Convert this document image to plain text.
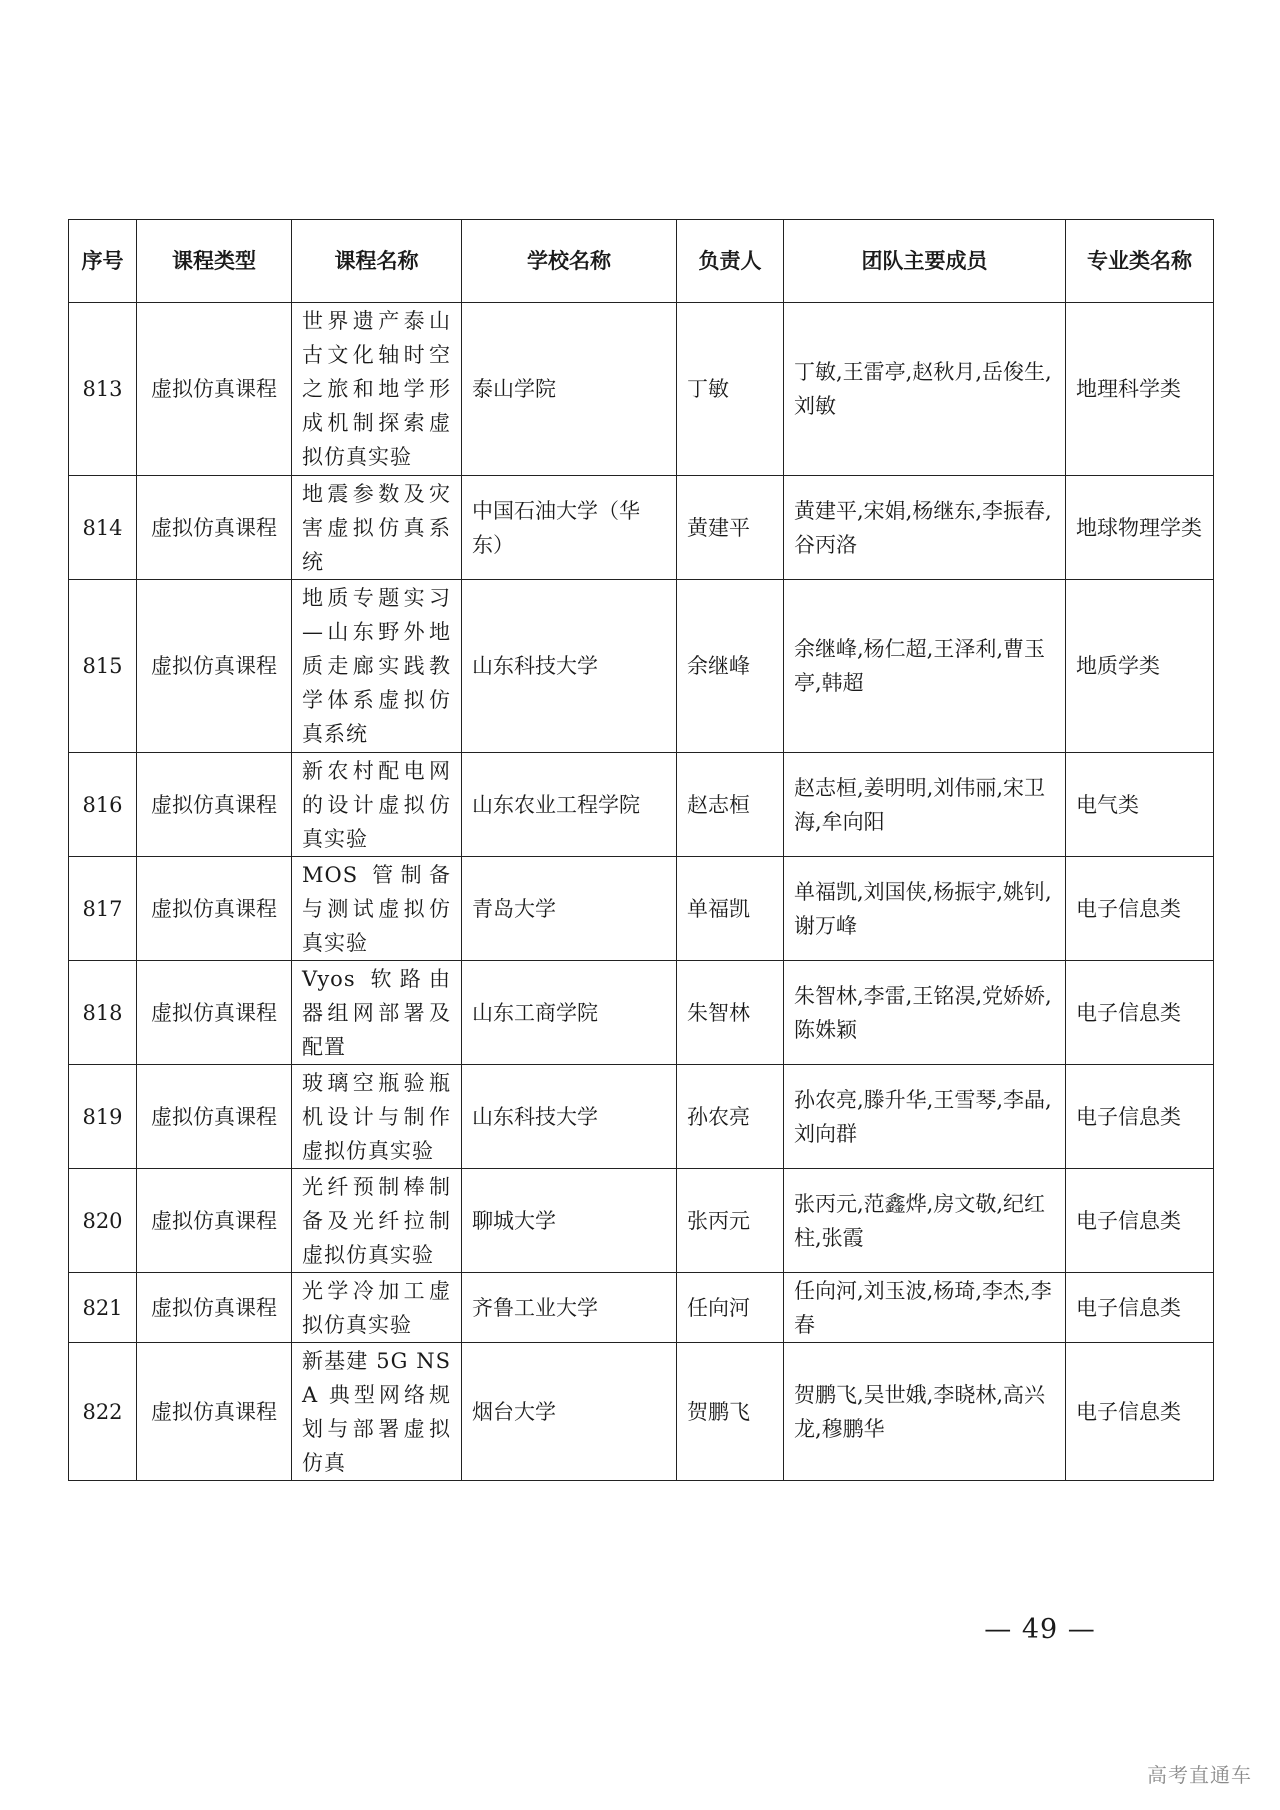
序号	课程类型	课程名称	学校名称	负责人	团队主要成员	专业类名称
813	虚拟仿真课程	世界遗产泰山古文化轴时空之旅和地学形成机制探索虚拟仿真实验	泰山学院	丁敏	丁敏,王雷亭,赵秋月,岳俊生,刘敏	地理科学类
814	虚拟仿真课程	地震参数及灾害虚拟仿真系统	中国石油大学（华东）	黄建平	黄建平,宋娟,杨继东,李振春,谷丙洛	地球物理学类
815	虚拟仿真课程	地质专题实习—山东野外地质走廊实践教学体系虚拟仿真系统	山东科技大学	余继峰	余继峰,杨仁超,王泽利,曹玉亭,韩超	地质学类
816	虚拟仿真课程	新农村配电网的设计虚拟仿真实验	山东农业工程学院	赵志桓	赵志桓,姜明明,刘伟丽,宋卫海,牟向阳	电气类
817	虚拟仿真课程	MOS 管制备与测试虚拟仿真实验	青岛大学	单福凯	单福凯,刘国侠,杨振宇,姚钊,谢万峰	电子信息类
818	虚拟仿真课程	Vyos 软路由器组网部署及配置	山东工商学院	朱智林	朱智林,李雷,王铭淏,党娇娇,陈姝颖	电子信息类
819	虚拟仿真课程	玻璃空瓶验瓶机设计与制作虚拟仿真实验	山东科技大学	孙农亮	孙农亮,滕升华,王雪琴,李晶,刘向群	电子信息类
820	虚拟仿真课程	光纤预制棒制备及光纤拉制虚拟仿真实验	聊城大学	张丙元	张丙元,范鑫烨,房文敬,纪红柱,张霞	电子信息类
821	虚拟仿真课程	光学冷加工虚拟仿真实验	齐鲁工业大学	任向河	任向河,刘玉波,杨琦,李杰,李春	电子信息类
822	虚拟仿真课程	新基建 5G NSA 典型网络规划与部署虚拟仿真	烟台大学	贺鹏飞	贺鹏飞,吴世娥,李晓林,高兴龙,穆鹏华	电子信息类
— 49 —
高考直通车
